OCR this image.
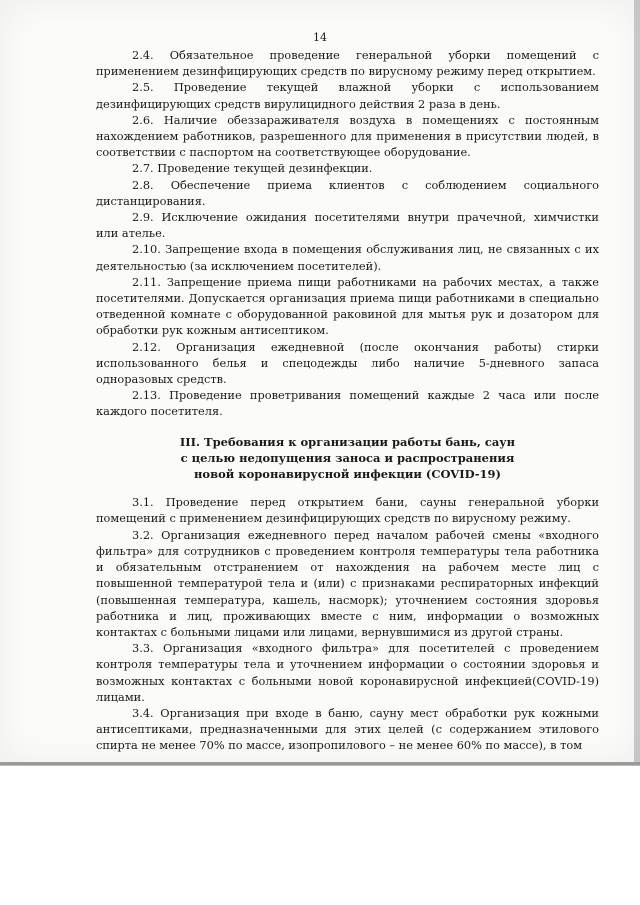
14

2.4. Обязательное проведение генеральной уборки помещений с применением дезинфицирующих средств по вирусному режиму перед открытием.

2.5. Проведение текущей влажной уборки с использованием дезинфицирующих средств вирулицидного действия 2 раза в день.

2.6. Наличие обеззараживателя воздуха в помещениях с постоянным нахождением работников, разрешенного для применения в присутствии людей, в соответствии с паспортом на соответствующее оборудование.

2.7. Проведение текущей дезинфекции.

2.8. Обеспечение приема клиентов с соблюдением социального дистанцирования.

2.9. Исключение ожидания посетителями внутри прачечной, химчистки или ателье.

2.10. Запрещение входа в помещения обслуживания лиц, не связанных с их деятельностью (за исключением посетителей).

2.11. Запрещение приема пищи работниками на рабочих местах, а также посетителями. Допускается организация приема пищи работниками в специально отведенной комнате с оборудованной раковиной для мытья рук и дозатором для обработки рук кожным антисептиком.

2.12. Организация ежедневной (после окончания работы) стирки использованного белья и спецодежды либо наличие 5-дневного запаса одноразовых средств.

2.13. Проведение проветривания помещений каждые 2 часа или после каждого посетителя.

III. Требования к организации работы бань, саун
с целью недопущения заноса и распространения
новой коронавирусной инфекции (COVID-19)

3.1. Проведение перед открытием бани, сауны генеральной уборки помещений с применением дезинфицирующих средств по вирусному режиму.

3.2. Организация ежедневного перед началом рабочей смены «входного фильтра» для сотрудников с проведением контроля температуры тела работника и обязательным отстранением от нахождения на рабочем месте лиц с повышенной температурой тела и (или) с признаками респираторных инфекций (повышенная температура, кашель, насморк); уточнением состояния здоровья работника и лиц, проживающих вместе с ним, информации о возможных контактах с больными лицами или лицами, вернувшимися из другой страны.

3.3. Организация «входного фильтра» для посетителей с проведением контроля температуры тела и уточнением информации о состоянии здоровья и возможных контактах с больными новой коронавирусной инфекцией(COVID-19) лицами.

3.4. Организация при входе в баню, сауну мест обработки рук кожными антисептиками, предназначенными для этих целей (с содержанием этилового спирта не менее 70% по массе, изопропилового – не менее 60% по массе), в том
